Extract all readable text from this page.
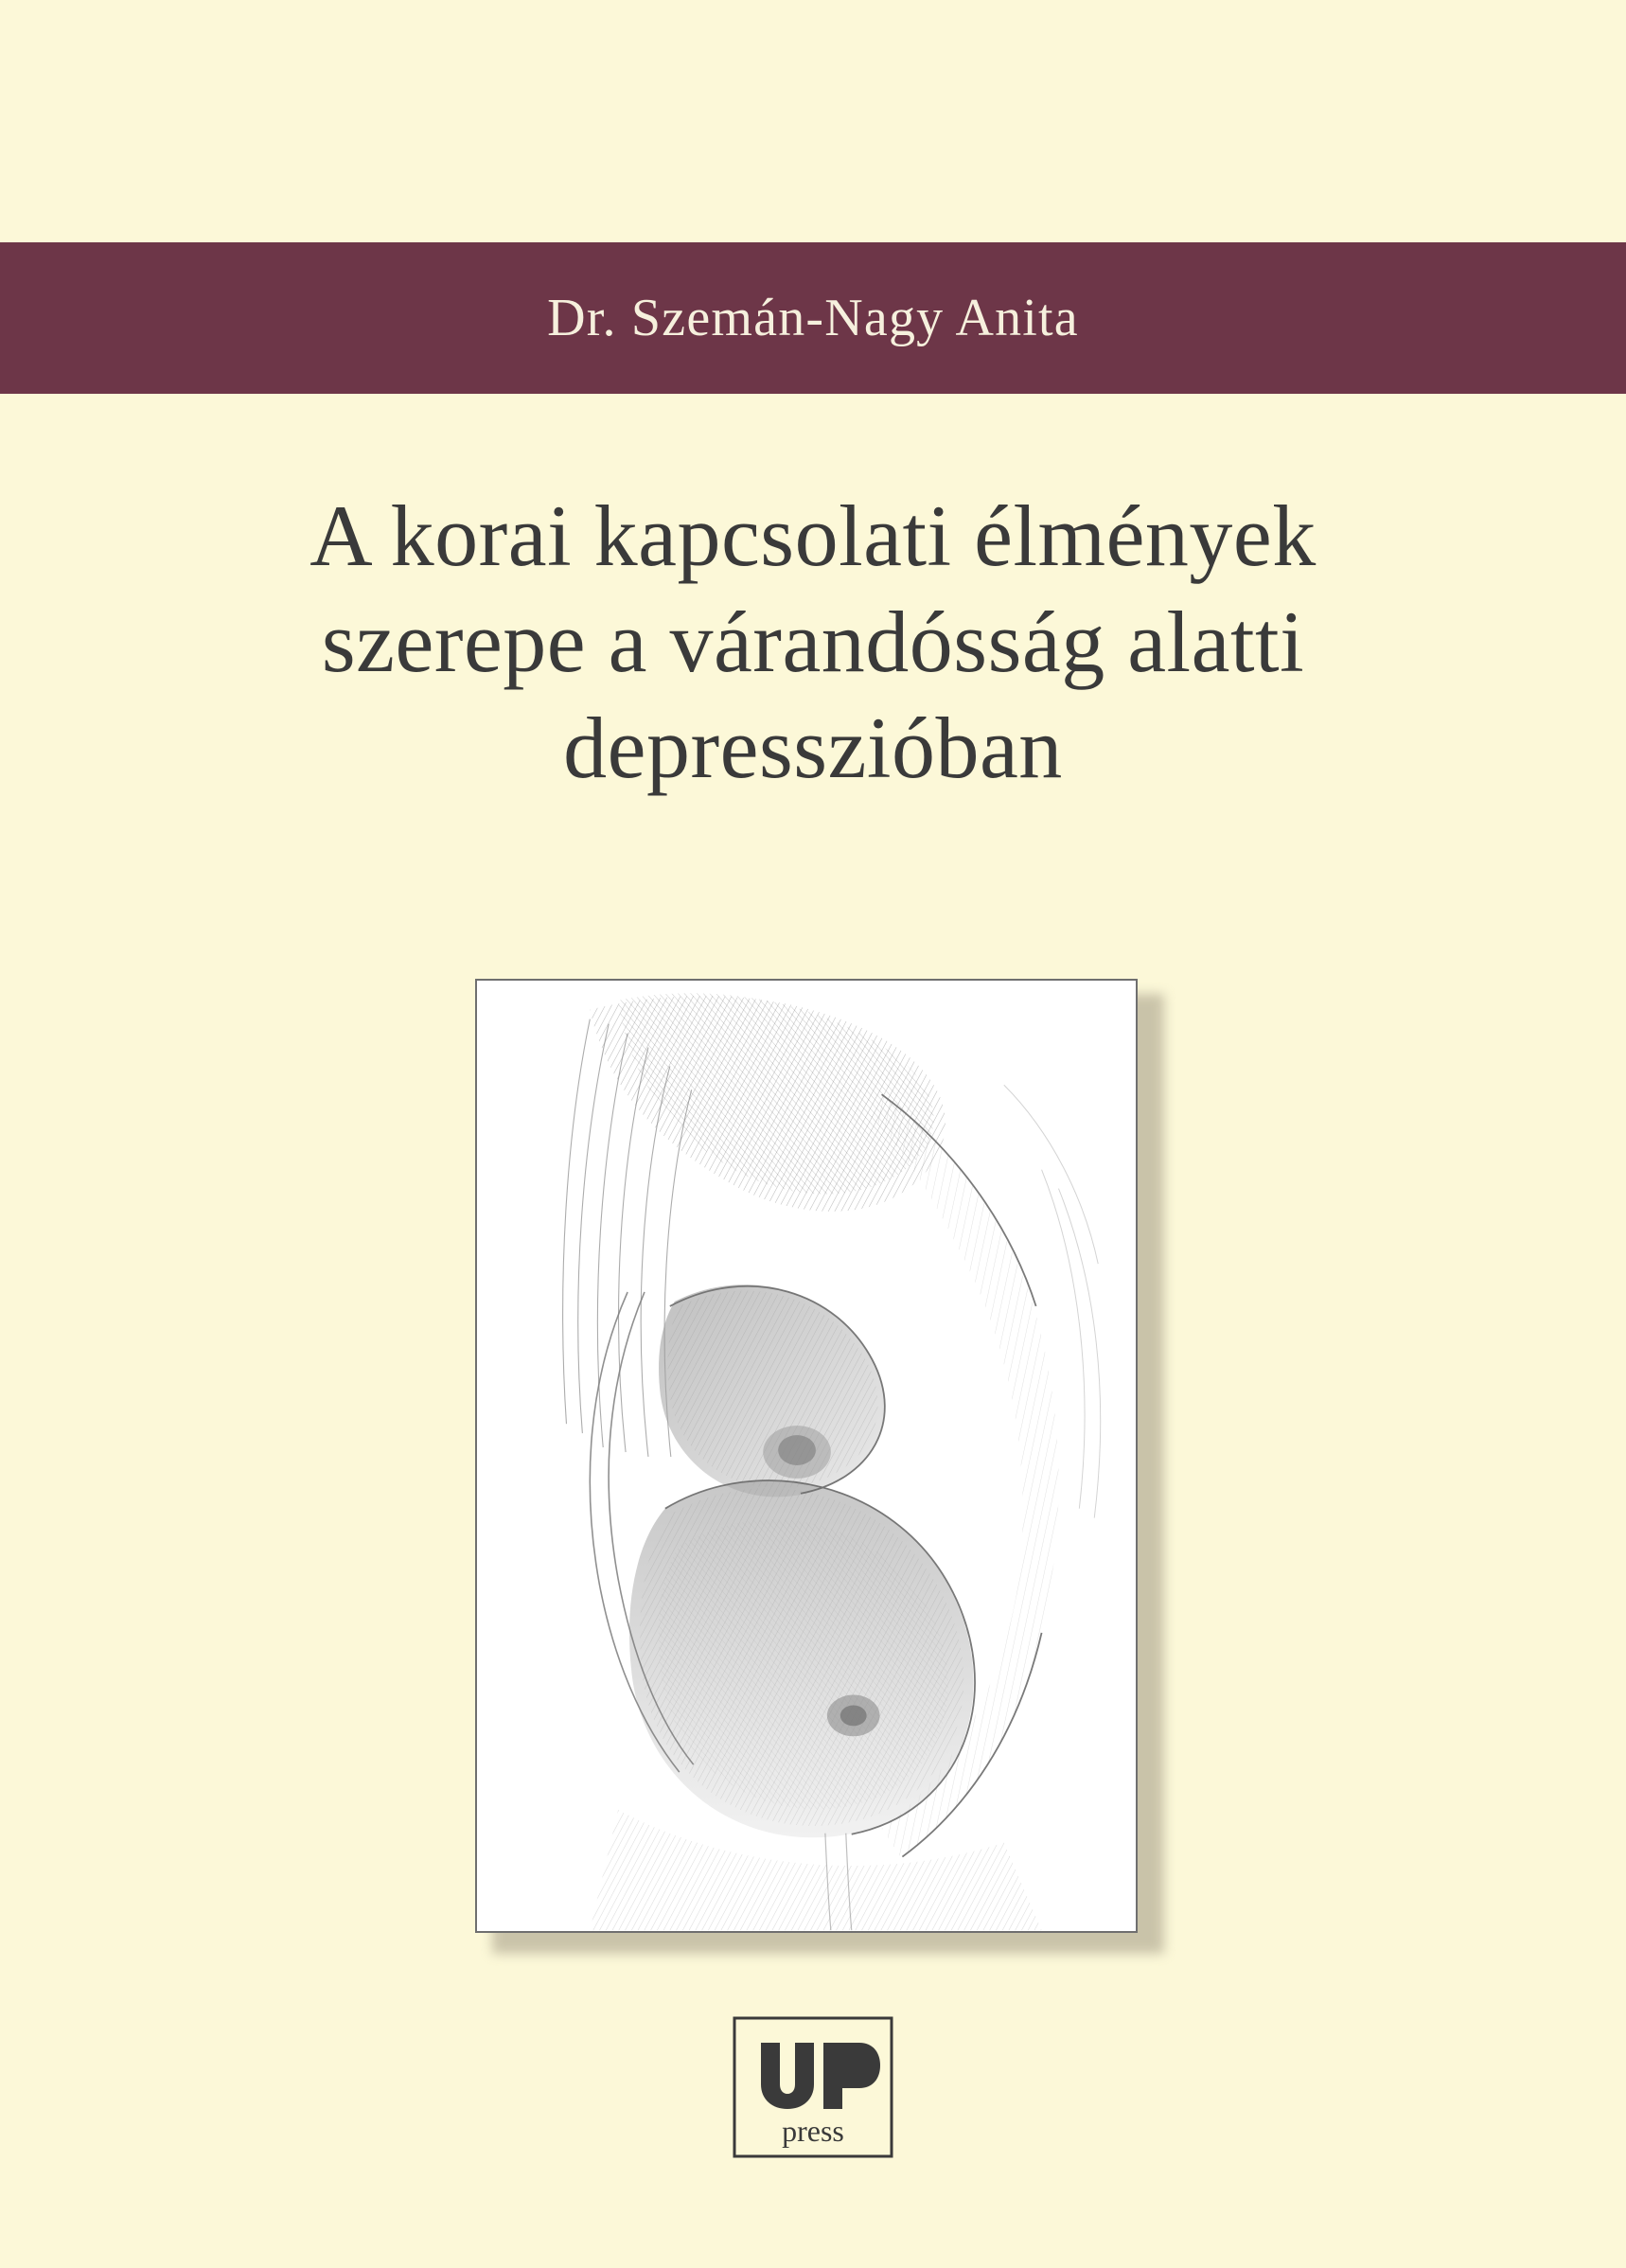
Dr. Szemán-Nagy Anita
A korai kapcsolati élmények
szerepe a várandósság alatti
depresszióban
press
